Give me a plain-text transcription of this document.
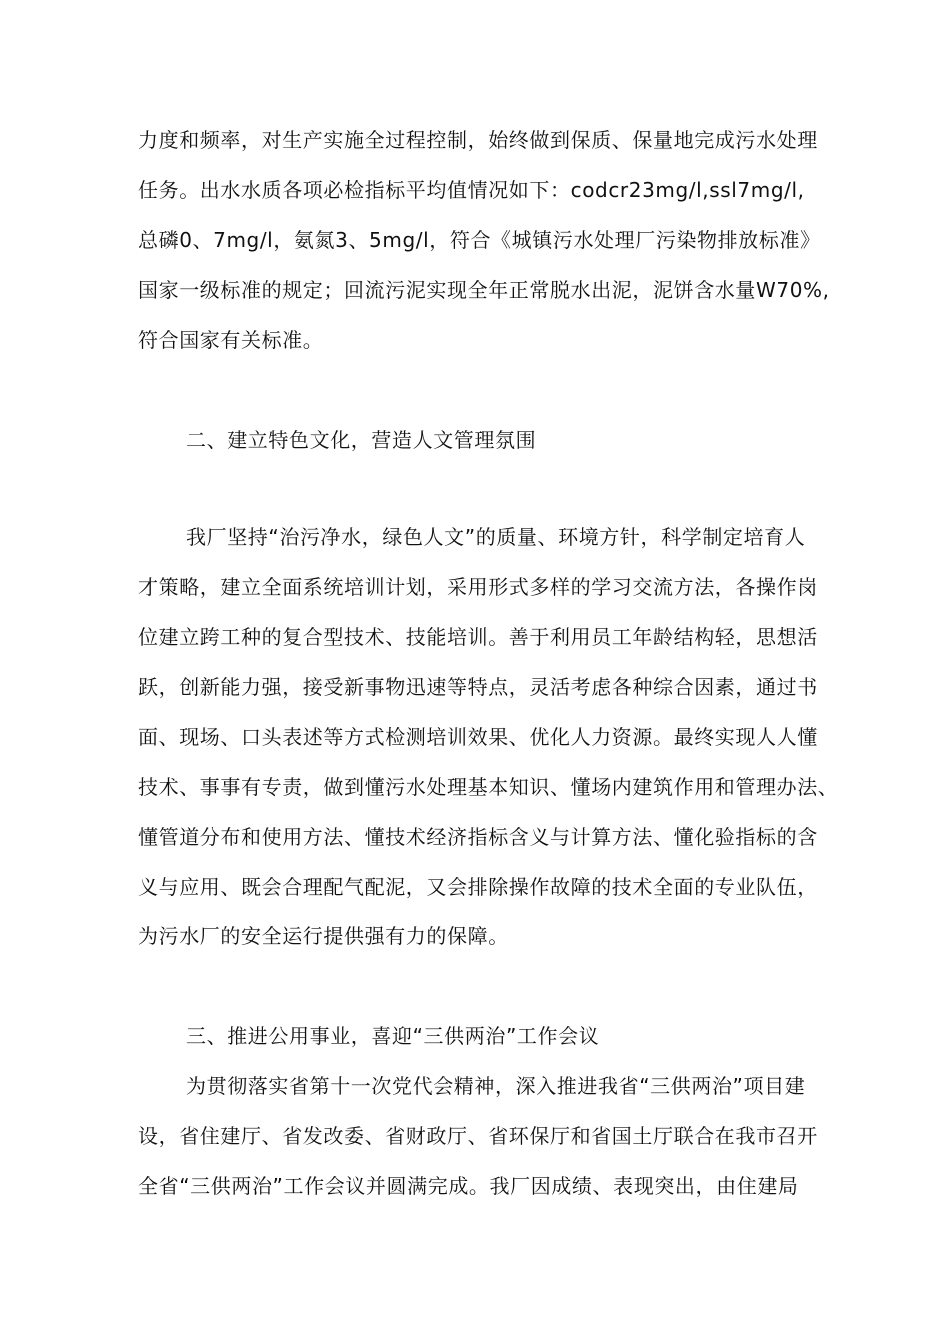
力度和频率，对生产实施全过程控制，始终做到保质、保量地完成污水处理
任务。出水水质各项必检指标平均值情况如下：codcr23mg/l,ssl7mg/l,
总磷0、7mg/l，氨氮3、5mg/l，符合《城镇污水处理厂污染物排放标准》
国家一级标准的规定；回流污泥实现全年正常脱水出泥，泥饼含水量W70%,
符合国家有关标准。
二、建立特色文化，营造人文管理氛围
我厂坚持“治污净水，绿色人文”的质量、环境方针，科学制定培育人
才策略，建立全面系统培训计划，采用形式多样的学习交流方法，各操作岗
位建立跨工种的复合型技术、技能培训。善于利用员工年龄结构轻，思想活
跃，创新能力强，接受新事物迅速等特点，灵活考虑各种综合因素，通过书
面、现场、口头表述等方式检测培训效果、优化人力资源。最终实现人人懂
技术、事事有专责，做到懂污水处理基本知识、懂场内建筑作用和管理办法、
懂管道分布和使用方法、懂技术经济指标含义与计算方法、懂化验指标的含
义与应用、既会合理配气配泥，又会排除操作故障的技术全面的专业队伍，
为污水厂的安全运行提供强有力的保障。
三、推进公用事业，喜迎“三供两治”工作会议
为贯彻落实省第十一次党代会精神，深入推进我省“三供两治”项目建
设，省住建厅、省发改委、省财政厅、省环保厅和省国土厅联合在我市召开
全省“三供两治”工作会议并圆满完成。我厂因成绩、表现突出，由住建局
